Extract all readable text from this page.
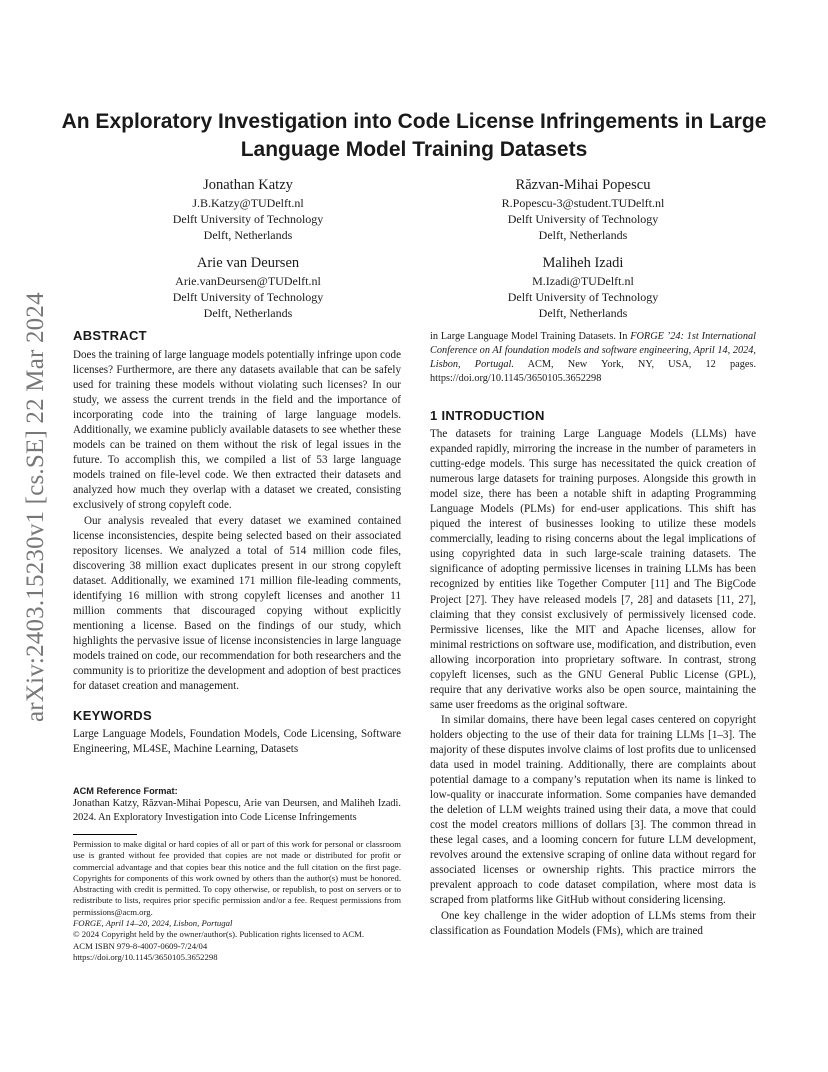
An Exploratory Investigation into Code License Infringements in Large Language Model Training Datasets
Jonathan Katzy
J.B.Katzy@TUDelft.nl
Delft University of Technology
Delft, Netherlands
Răzvan-Mihai Popescu
R.Popescu-3@student.TUDelft.nl
Delft University of Technology
Delft, Netherlands
Arie van Deursen
Arie.vanDeursen@TUDelft.nl
Delft University of Technology
Delft, Netherlands
Maliheh Izadi
M.Izadi@TUDelft.nl
Delft University of Technology
Delft, Netherlands
arXiv:2403.15230v1 [cs.SE] 22 Mar 2024	ABSTRACT

Does the training of large language models potentially infringe upon code licenses? Furthermore, are there any datasets available that can be safely used for training these models without violating such licenses? In our study, we assess the current trends in the field and the importance of incorporating code into the training of large language models. Additionally, we examine publicly available datasets to see whether these models can be trained on them without the risk of legal issues in the future. To accomplish this, we compiled a list of 53 large language models trained on file-level code. We then extracted their datasets and analyzed how much they overlap with a dataset we created, consisting exclusively of strong copyleft code.

Our analysis revealed that every dataset we examined contained license inconsistencies, despite being selected based on their associated repository licenses. We analyzed a total of 514 million code files, discovering 38 million exact duplicates present in our strong copyleft dataset. Additionally, we examined 171 million file-leading comments, identifying 16 million with strong copyleft licenses and another 11 million comments that discouraged copying without explicitly mentioning a license. Based on the findings of our study, which highlights the pervasive issue of license inconsistencies in large language models trained on code, our recommendation for both researchers and the community is to prioritize the development and adoption of best practices for dataset creation and management.

KEYWORDS
Large Language Models, Foundation Models, Code Licensing, Software Engineering, ML4SE, Machine Learning, Datasets
ACM Reference Format:
Jonathan Katzy, Răzvan-Mihai Popescu, Arie van Deursen, and Maliheh Izadi. 2024. An Exploratory Investigation into Code License Infringements
Permission to make digital or hard copies of all or part of this work for personal or classroom use is granted without fee provided that copies are not made or distributed for profit or commercial advantage and that copies bear this notice and the full citation on the first page. Copyrights for components of this work owned by others than the author(s) must be honored. Abstracting with credit is permitted. To copy otherwise, or republish, to post on servers or to redistribute to lists, requires prior specific permission and/or a fee. Request permissions from permissions@acm.org.
FORGE, April 14–20, 2024, Lisbon, Portugal
© 2024 Copyright held by the owner/author(s). Publication rights licensed to ACM.
ACM ISBN 979-8-4007-0609-7/24/04
https://doi.org/10.1145/3650105.3652298
in Large Language Model Training Datasets. In FORGE ’24: 1st International Conference on AI foundation models and software engineering, April 14, 2024, Lisbon, Portugal. ACM, New York, NY, USA, 12 pages. https://doi.org/10.1145/3650105.3652298
1 INTRODUCTION

The datasets for training Large Language Models (LLMs) have expanded rapidly, mirroring the increase in the number of parameters in cutting-edge models. This surge has necessitated the quick creation of numerous large datasets for training purposes. Alongside this growth in model size, there has been a notable shift in adapting Programming Language Models (PLMs) for end-user applications. This shift has piqued the interest of businesses looking to utilize these models commercially, leading to rising concerns about the legal implications of using copyrighted data in such large-scale training datasets. The significance of adopting permissive licenses in training LLMs has been recognized by entities like Together Computer [11] and The BigCode Project [27]. They have released models [7, 28] and datasets [11, 27], claiming that they consist exclusively of permissively licensed code. Permissive licenses, like the MIT and Apache licenses, allow for minimal restrictions on software use, modification, and distribution, even allowing incorporation into proprietary software. In contrast, strong copyleft licenses, such as the GNU General Public License (GPL), require that any derivative works also be open source, maintaining the same user freedoms as the original software.

In similar domains, there have been legal cases centered on copyright holders objecting to the use of their data for training LLMs [1–3]. The majority of these disputes involve claims of lost profits due to unlicensed data used in model training. Additionally, there are complaints about potential damage to a company’s reputation when its name is linked to low-quality or inaccurate information. Some companies have demanded the deletion of LLM weights trained using their data, a move that could cost the model creators millions of dollars [3]. The common thread in these legal cases, and a looming concern for future LLM development, revolves around the extensive scraping of online data without regard for associated licenses or ownership rights. This practice mirrors the prevalent approach to code dataset compilation, where most data is scraped from platforms like GitHub without considering licensing.

One key challenge in the wider adoption of LLMs stems from their classification as Foundation Models (FMs), which are trained
